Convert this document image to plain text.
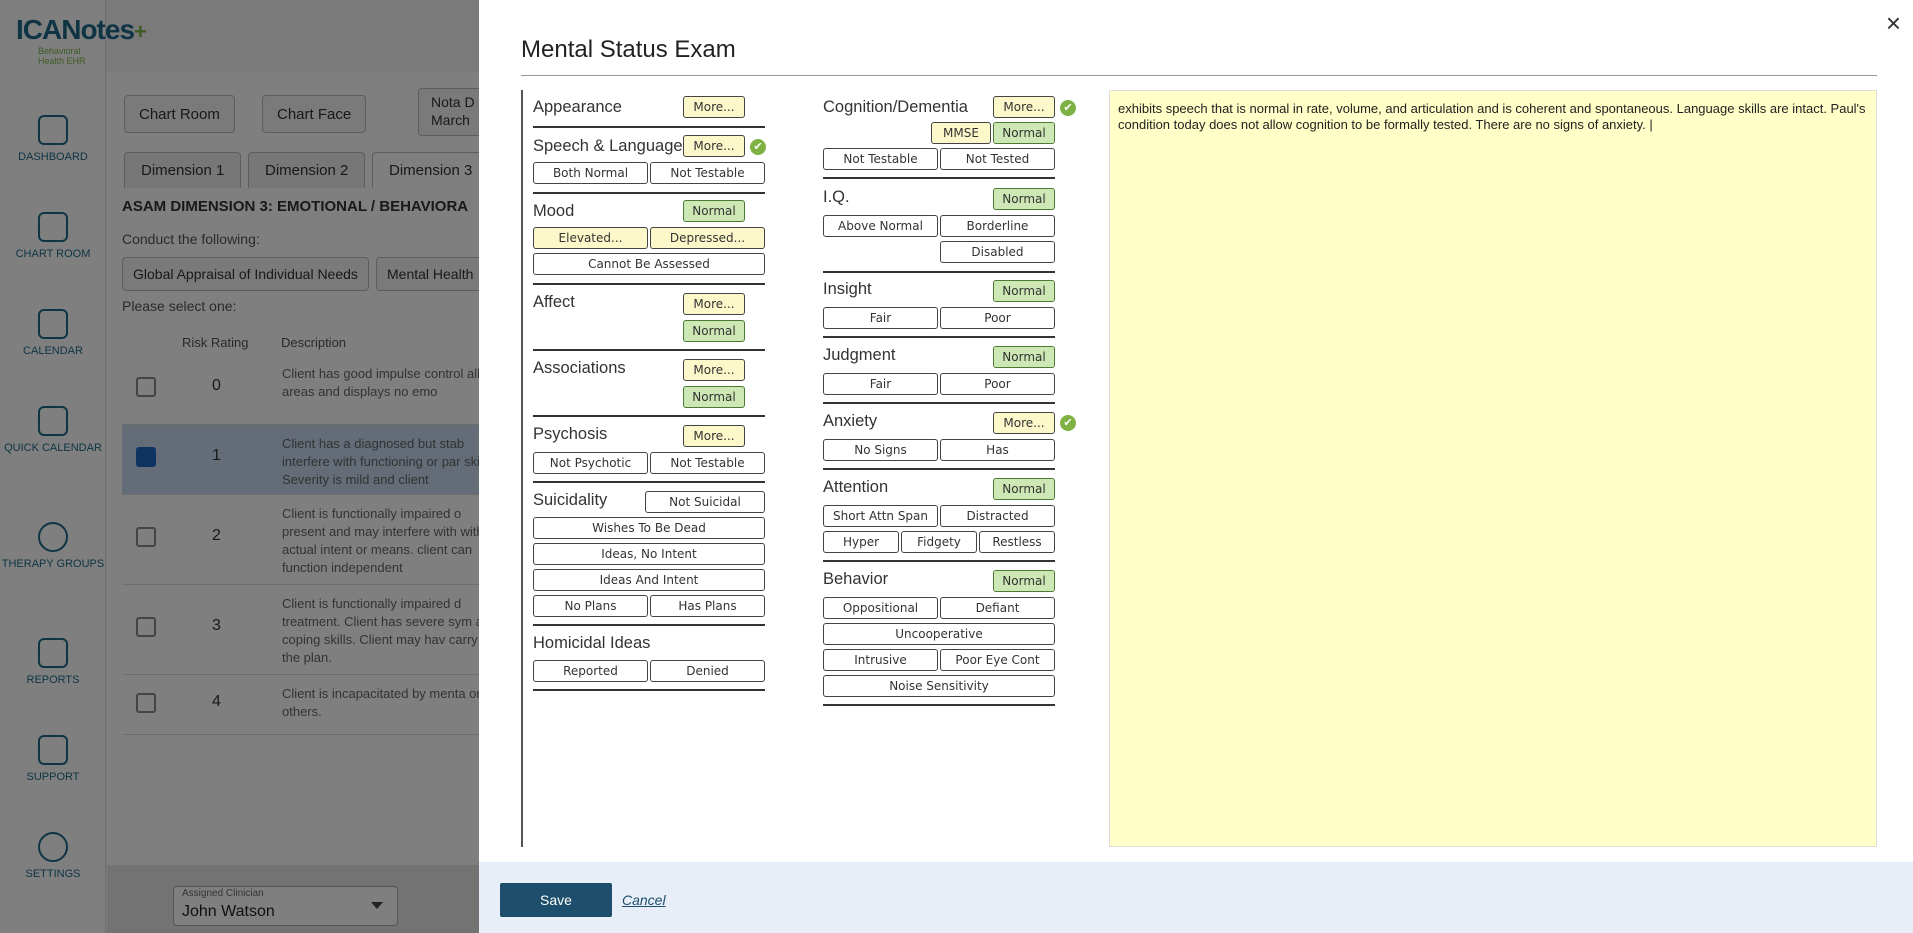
Mental Status Exam
×
Appearance	More...
Speech & Language More...	✔
Both Normal	Not Testable
Mood	Normal
Elevated...	Depressed...
Cannot Be Assessed
Affect	More...
Normal
Associations	More...
Normal
Psychosis	More...
Not Psychotic	Not Testable
Suicidality	Not Suicidal
Wishes To Be Dead
Ideas, No Intent
Ideas And Intent
No Plans	Has Plans
Homicidal Ideas
Reported	Denied
Cognition/Dementia	More...	✔
MMSE	Normal
Not Testable	Not Tested
I.Q.	Normal
Above Normal	Borderline
Disabled
Insight	Normal
Fair	Poor
Judgment	Normal
Fair	Poor
Anxiety	More...	✔
No Signs	Has
Attention	Normal
Short Attn Span	Distracted
Hyper	Fidgety	Restless
Behavior	Normal
Oppositional	Defiant
Uncooperative
Intrusive	Poor Eye Cont
Noise Sensitivity
exhibits speech that is normal in rate, volume, and articulation and is coherent and spontaneous. Language skills are intact. Paul's condition today does not allow cognition to be formally tested. There are no signs of anxiety. |
Save	Cancel
